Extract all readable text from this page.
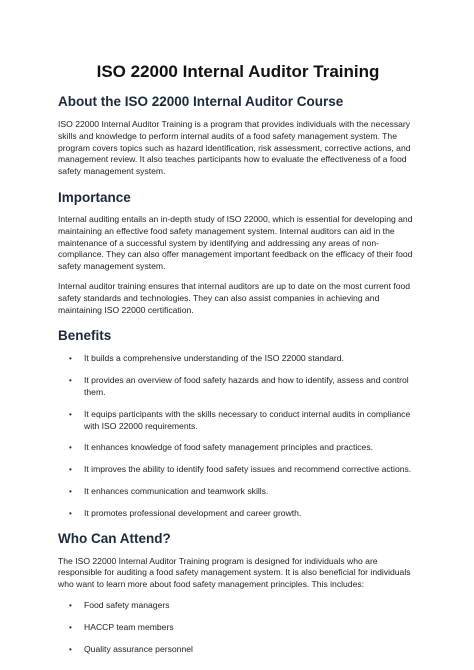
ISO 22000 Internal Auditor Training
About the ISO 22000 Internal Auditor Course

ISO 22000 Internal Auditor Training is a program that provides individuals with the necessary skills and knowledge to perform internal audits of a food safety management system. The program covers topics such as hazard identification, risk assessment, corrective actions, and management review. It also teaches participants how to evaluate the effectiveness of a food safety management system.

Importance

Internal auditing entails an in-depth study of ISO 22000, which is essential for developing and maintaining an effective food safety management system. Internal auditors can aid in the maintenance of a successful system by identifying and addressing any areas of non-compliance. They can also offer management important feedback on the efficacy of their food safety management system.

Internal auditor training ensures that internal auditors are up to date on the most current food safety standards and technologies. They can also assist companies in achieving and maintaining ISO 22000 certification.

Benefits
• It builds a comprehensive understanding of the ISO 22000 standard.
• It provides an overview of food safety hazards and how to identify, assess and control them.
• It equips participants with the skills necessary to conduct internal audits in compliance with ISO 22000 requirements.
• It enhances knowledge of food safety management principles and practices.
• It improves the ability to identify food safety issues and recommend corrective actions.
• It enhances communication and teamwork skills.
• It promotes professional development and career growth.
Who Can Attend?

The ISO 22000 Internal Auditor Training program is designed for individuals who are responsible for auditing a food safety management system. It is also beneficial for individuals who want to learn more about food safety management principles. This includes:

• Food safety managers
• HACCP team members
• Quality assurance personnel
